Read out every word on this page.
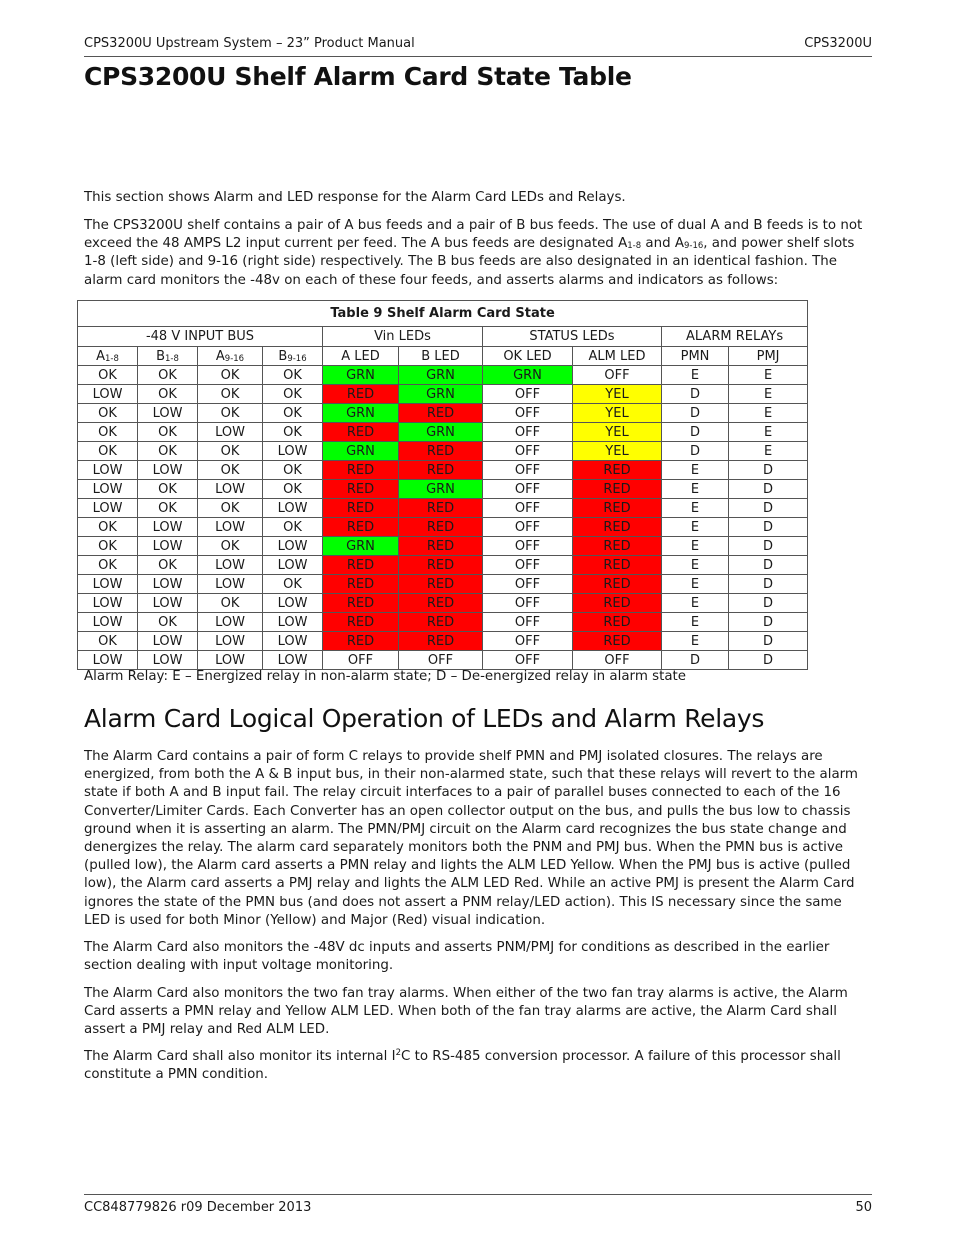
CPS3200U Upstream System – 23” Product Manual	CPS3200U
CPS3200U Shelf Alarm Card State Table

This section shows Alarm and LED response for the Alarm Card LEDs and Relays.

The CPS3200U shelf contains a pair of A bus feeds and a pair of B bus feeds. The use of dual A and B feeds is to not exceed the 48 AMPS L2 input current per feed. The A bus feeds are designated $A_{1-8}$ and $A_{9-16}$, and power shelf slots 1-8 (left side) and 9-16 (right side) respectively. The B bus feeds are also designated in an identical fashion. The alarm card monitors the -48v on each of these four feeds, and asserts alarms and indicators as follows:

Table 9 Shelf Alarm Card State									
-48 V INPUT BUS				Vin LEDs		STATUS LEDs		ALARM RELAYs	
$A_{1-8}$	$B_{1-8}$	$A_{9-16}$	$B_{9-16}$	A LED	B LED	OK LED	ALM LED	PMN	PMJ
OK	OK	OK	OK	GRN	GRN	GRN	OFF	E	E
LOW	OK	OK	OK	RED	GRN	OFF	YEL	D	E
OK	LOW	OK	OK	GRN	RED	OFF	YEL	D	E
OK	OK	LOW	OK	RED	GRN	OFF	YEL	D	E
OK	OK	OK	LOW	GRN	RED	OFF	YEL	D	E
LOW	LOW	OK	OK	RED	RED	OFF	RED	E	D
LOW	OK	LOW	OK	RED	GRN	OFF	RED	E	D
LOW	OK	OK	LOW	RED	RED	OFF	RED	E	D
OK	LOW	LOW	OK	RED	RED	OFF	RED	E	D
OK	LOW	OK	LOW	GRN	RED	OFF	RED	E	D
OK	OK	LOW	LOW	RED	RED	OFF	RED	E	D
LOW	LOW	LOW	OK	RED	RED	OFF	RED	E	D
LOW	LOW	OK	LOW	RED	RED	OFF	RED	E	D
LOW	OK	LOW	LOW	RED	RED	OFF	RED	E	D
OK	LOW	LOW	LOW	RED	RED	OFF	RED	E	D
LOW	LOW	LOW	LOW	OFF	OFF	OFF	OFF	D	D
Alarm Relay: E – Energized relay in non-alarm state; D – De-energized relay in alarm state
Alarm Card Logical Operation of LEDs and Alarm Relays

The Alarm Card contains a pair of form C relays to provide shelf PMN and PMJ isolated closures. The relays are energized, from both the A & B input bus, in their non-alarmed state, such that these relays will revert to the alarm state if both A and B input fail. The relay circuit interfaces to a pair of parallel buses connected to each of the 16 Converter/Limiter Cards. Each Converter has an open collector output on the bus, and pulls the bus low to chassis ground when it is asserting an alarm. The PMN/PMJ circuit on the Alarm card recognizes the bus state change and denergizes the relay. The alarm card separately monitors both the PNM and PMJ bus. When the PMN bus is active (pulled low), the Alarm card asserts a PMN relay and lights the ALM LED Yellow. When the PMJ bus is active (pulled low), the Alarm card asserts a PMJ relay and lights the ALM LED Red. While an active PMJ is present the Alarm Card ignores the state of the PMN bus (and does not assert a PNM relay/LED action). This IS necessary since the same LED is used for both Minor (Yellow) and Major (Red) visual indication.

The Alarm Card also monitors the -48V dc inputs and asserts PNM/PMJ for conditions as described in the earlier section dealing with input voltage monitoring.

The Alarm Card also monitors the two fan tray alarms. When either of the two fan tray alarms is active, the Alarm Card asserts a PMN relay and Yellow ALM LED. When both of the fan tray alarms are active, the Alarm Card shall assert a PMJ relay and Red ALM LED.

The Alarm Card shall also monitor its internal $I^2C$ to RS-485 conversion processor. A failure of this processor shall constitute a PMN condition.

CC848779826 r09 December 2013	50
